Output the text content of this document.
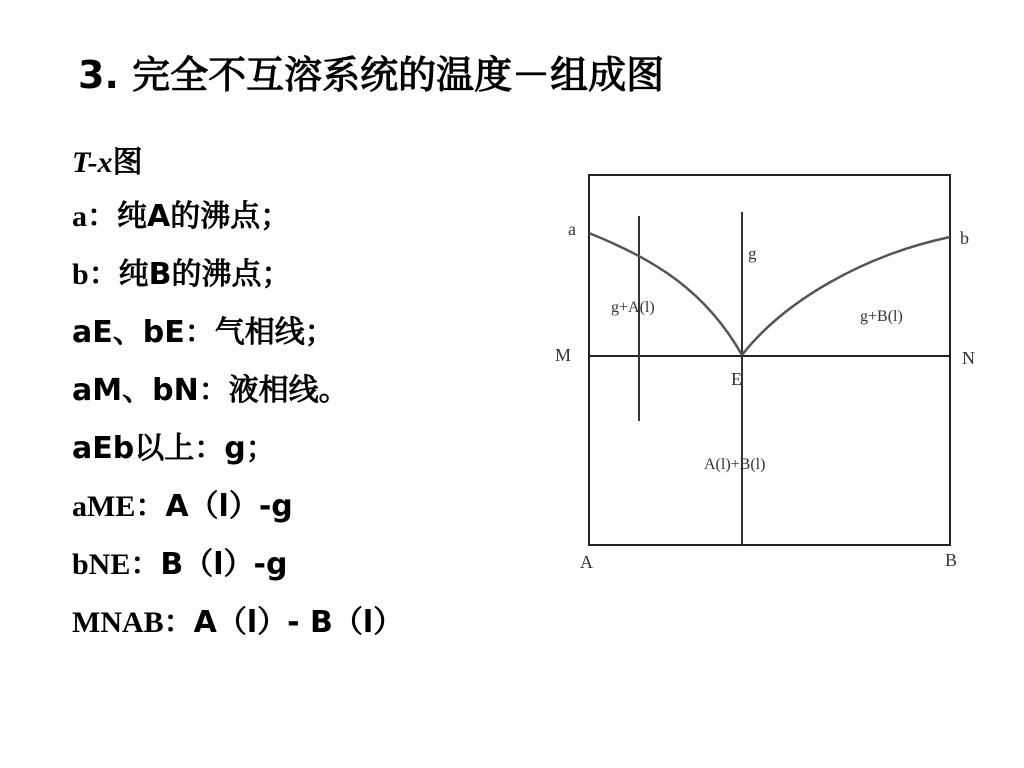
3. 完全不互溶系统的温度－组成图
T-x图
a：纯A的沸点；
b：纯B的沸点；
aE、bE：气相线；
aM、bN：液相线。
aEb以上：g；
aME：A（l）-g
bNE：B（l）-g
MNAB：A（l）- B（l）
a	b
M	N
E
A	B
g
g+A(l)
g+B(l)
A(l)+B(l)
